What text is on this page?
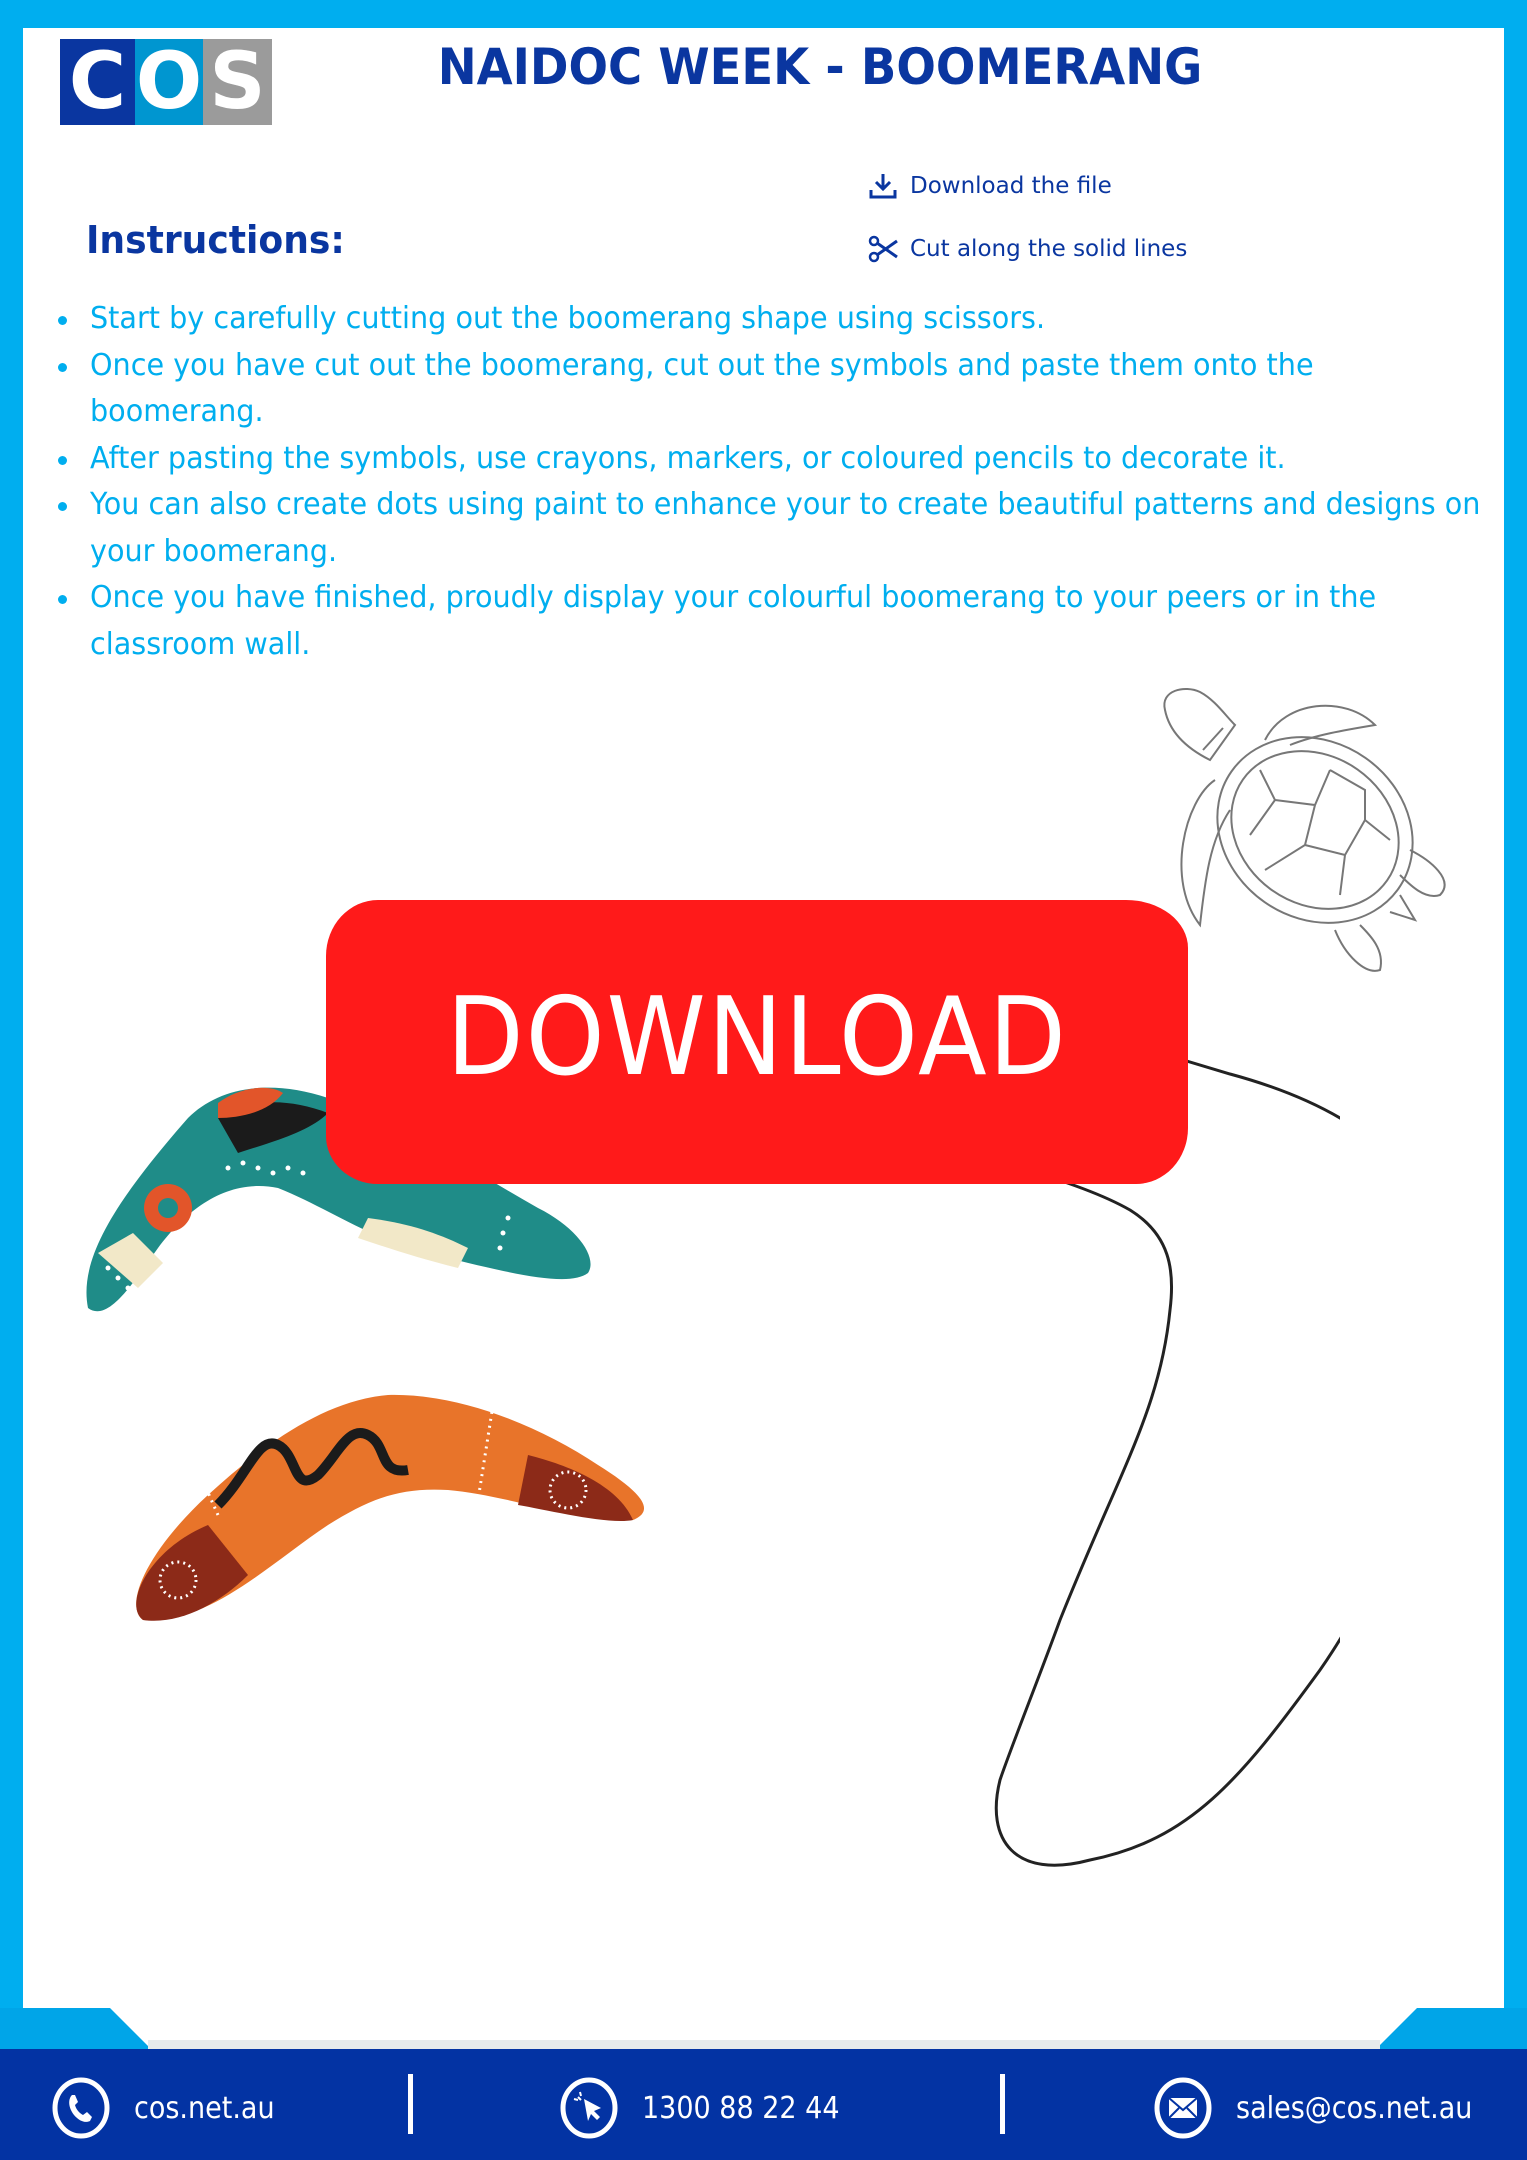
C O S	NAIDOC WEEK - BOOMERANG
Download the file
Cut along the solid lines
Instructions:
Start by carefully cutting out the boomerang shape using scissors.
Once you have cut out the boomerang, cut out the symbols and paste them onto the boomerang.
After pasting the symbols, use crayons, markers, or coloured pencils to decorate it.
You can also create dots using paint to enhance your to create beautiful patterns and designs on your boomerang.
Once you have finished, proudly display your colourful boomerang to your peers or in the classroom wall.
DOWNLOAD
cos.net.au	1300 88 22 44	sales@cos.net.au
